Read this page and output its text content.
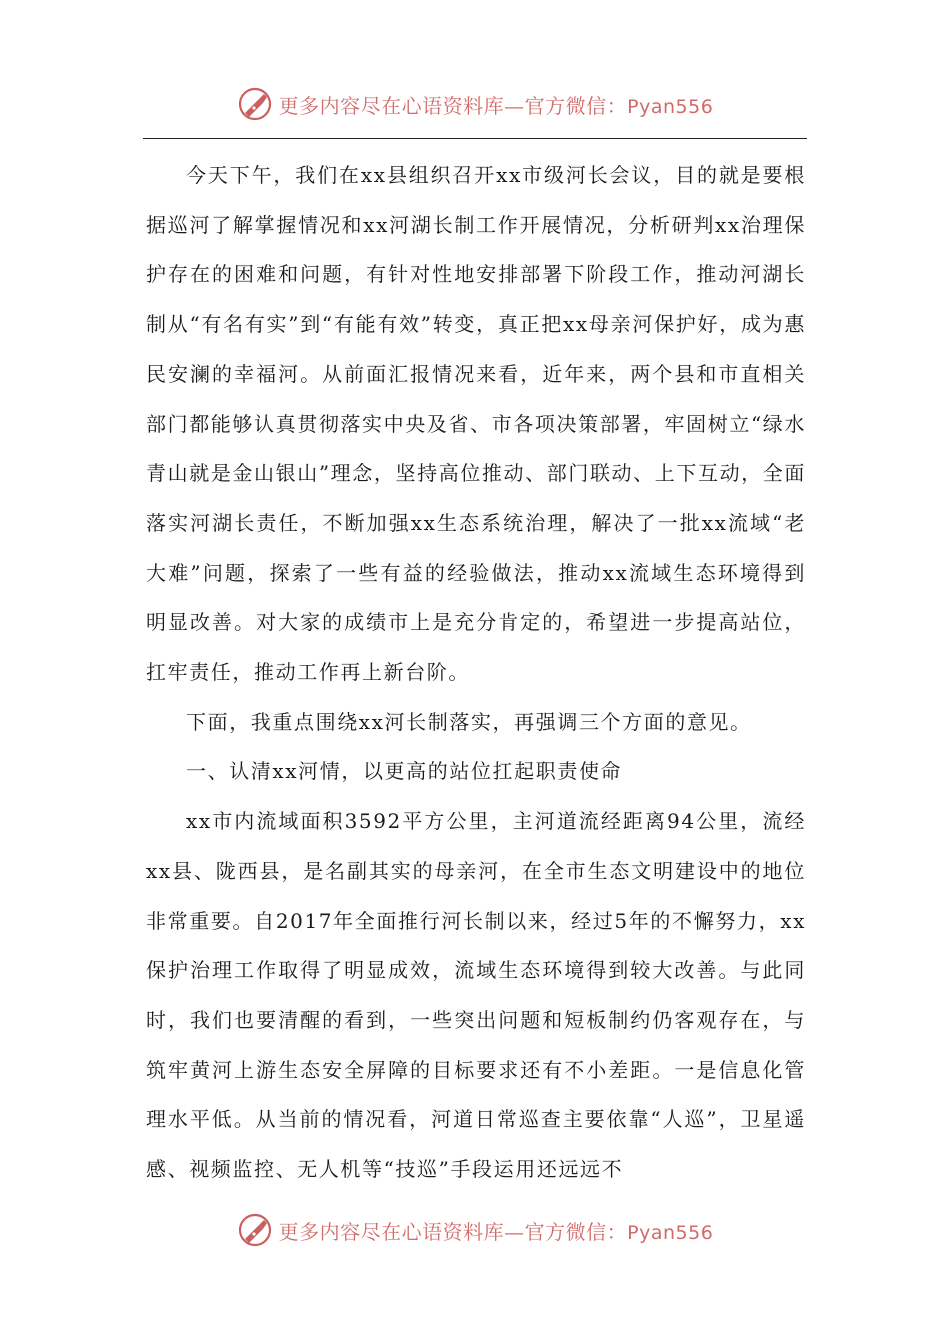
更多内容尽在心语资料库—官方微信：Pyan556

今天下午，我们在xx县组织召开xx市级河长会议，目的就是要根据巡河了解掌握情况和xx河湖长制工作开展情况，分析研判xx治理保护存在的困难和问题，有针对性地安排部署下阶段工作，推动河湖长制从“有名有实”到“有能有效”转变，真正把xx母亲河保护好，成为惠民安澜的幸福河。从前面汇报情况来看，近年来，两个县和市直相关部门都能够认真贯彻落实中央及省、市各项决策部署，牢固树立“绿水青山就是金山银山”理念，坚持高位推动、部门联动、上下互动，全面落实河湖长责任，不断加强xx生态系统治理，解决了一批xx流域“老大难”问题，探索了一些有益的经验做法，推动xx流域生态环境得到明显改善。对大家的成绩市上是充分肯定的，希望进一步提高站位，扛牢责任，推动工作再上新台阶。

下面，我重点围绕xx河长制落实，再强调三个方面的意见。

一、认清xx河情，以更高的站位扛起职责使命

xx市内流域面积3592平方公里，主河道流经距离94公里，流经xx县、陇西县，是名副其实的母亲河，在全市生态文明建设中的地位非常重要。自2017年全面推行河长制以来，经过5年的不懈努力，xx保护治理工作取得了明显成效，流域生态环境得到较大改善。与此同时，我们也要清醒的看到，一些突出问题和短板制约仍客观存在，与筑牢黄河上游生态安全屏障的目标要求还有不小差距。一是信息化管理水平低。从当前的情况看，河道日常巡查主要依靠“人巡”，卫星遥感、视频监控、无人机等“技巡”手段运用还远远不

更多内容尽在心语资料库—官方微信：Pyan556
